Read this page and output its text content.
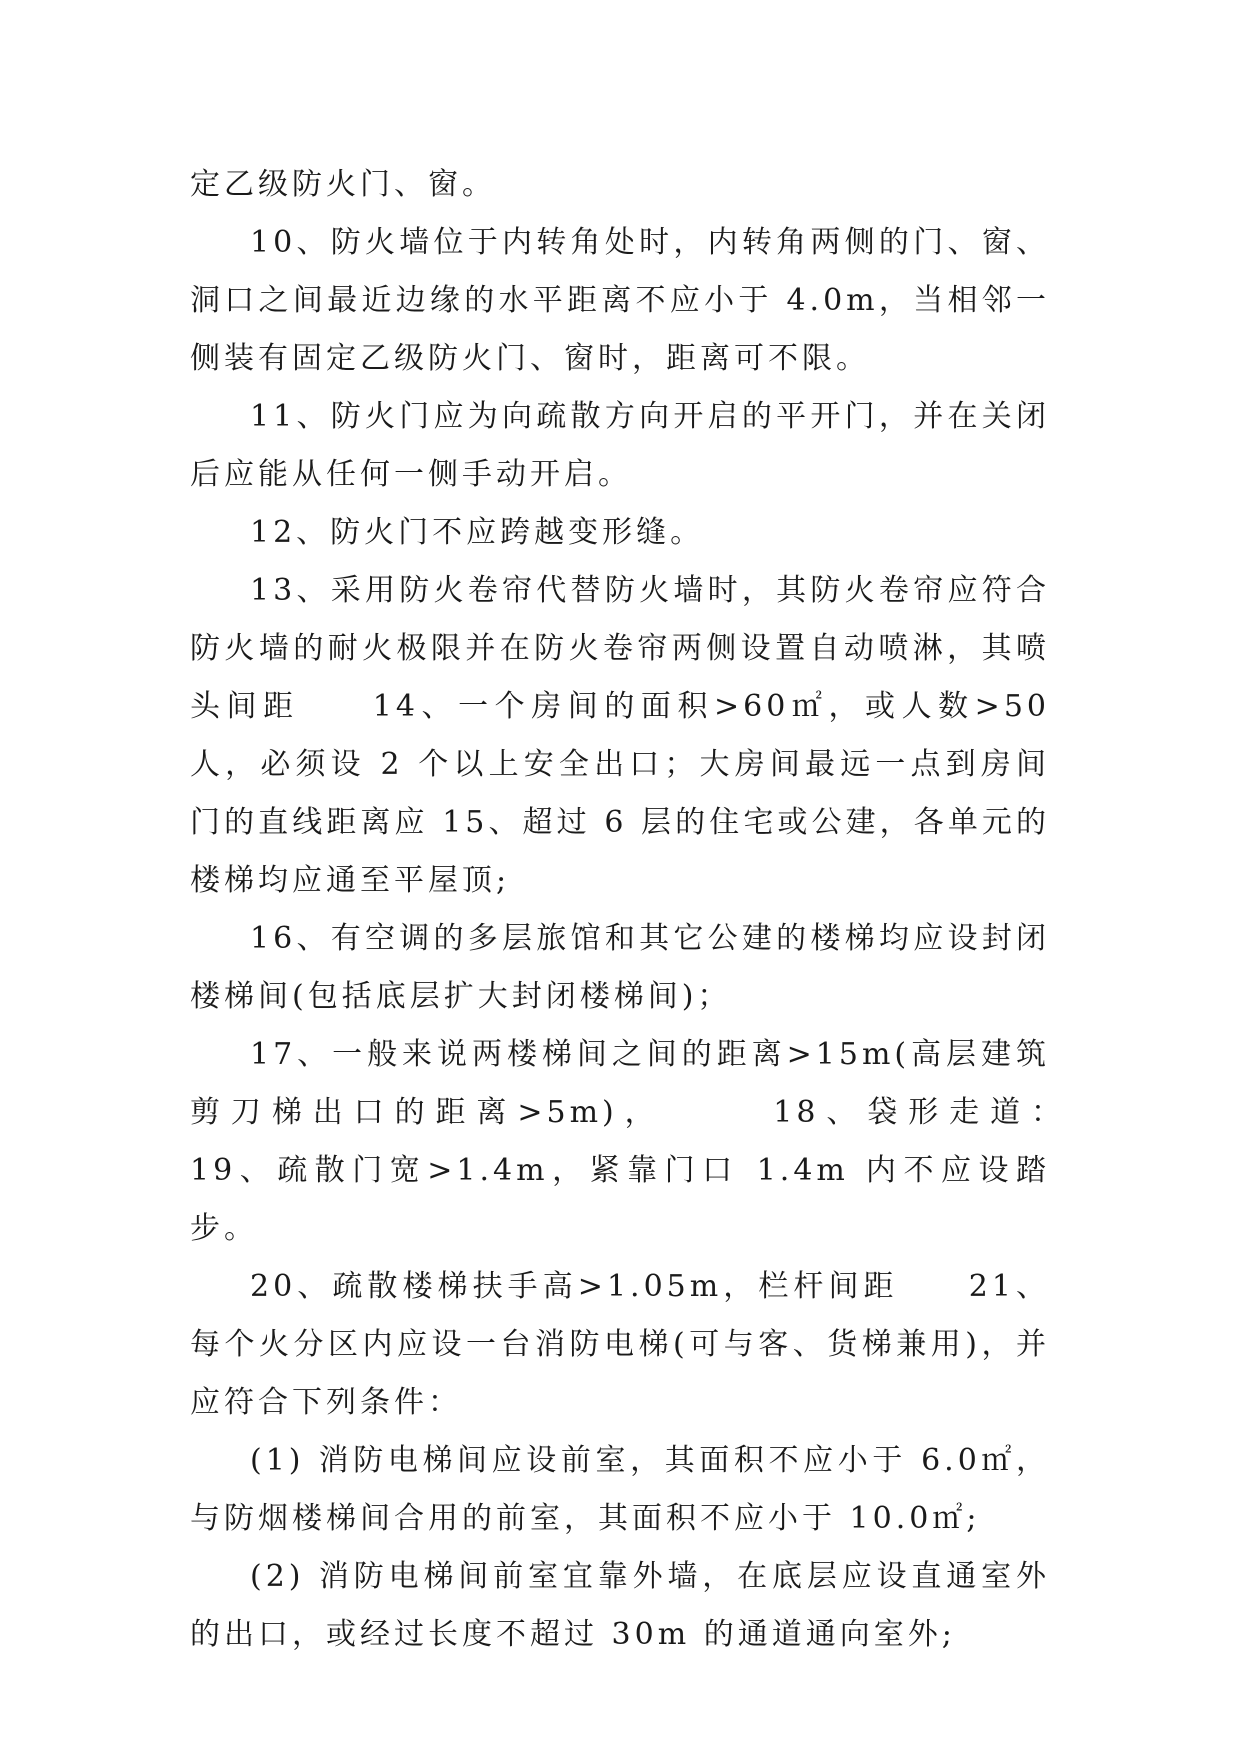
定乙级防火门、窗。

10、防火墙位于内转角处时，内转角两侧的门、窗、洞口之间最近边缘的水平距离不应小于 4.0m，当相邻一侧装有固定乙级防火门、窗时，距离可不限。

11、防火门应为向疏散方向开启的平开门，并在关闭后应能从任何一侧手动开启。

12、防火门不应跨越变形缝。

13、采用防火卷帘代替防火墙时，其防火卷帘应符合防火墙的耐火极限并在防火卷帘两侧设置自动喷淋，其喷头间距　　14、一个房间的面积>60㎡，或人数>50 人，必须设 2 个以上安全出口；大房间最远一点到房间门的直线距离应 15、超过 6 层的住宅或公建，各单元的楼梯均应通至平屋顶;

16、有空调的多层旅馆和其它公建的楼梯均应设封闭楼梯间(包括底层扩大封闭楼梯间)；

17、一般来说两楼梯间之间的距离>15m(高层建筑剪刀梯出口的距离>5m)，　　　18、袋形走道：　　　19、疏散门宽>1.4m，紧靠门口 1.4m 内不应设踏步。

20、疏散楼梯扶手高>1.05m，栏杆间距　　21、每个火分区内应设一台消防电梯(可与客、货梯兼用)，并应符合下列条件：

(1) 消防电梯间应设前室，其面积不应小于 6.0㎡，与防烟楼梯间合用的前室，其面积不应小于 10.0㎡;

(2) 消防电梯间前室宜靠外墙，在底层应设直通室外的出口，或经过长度不超过 30m 的通道通向室外;
